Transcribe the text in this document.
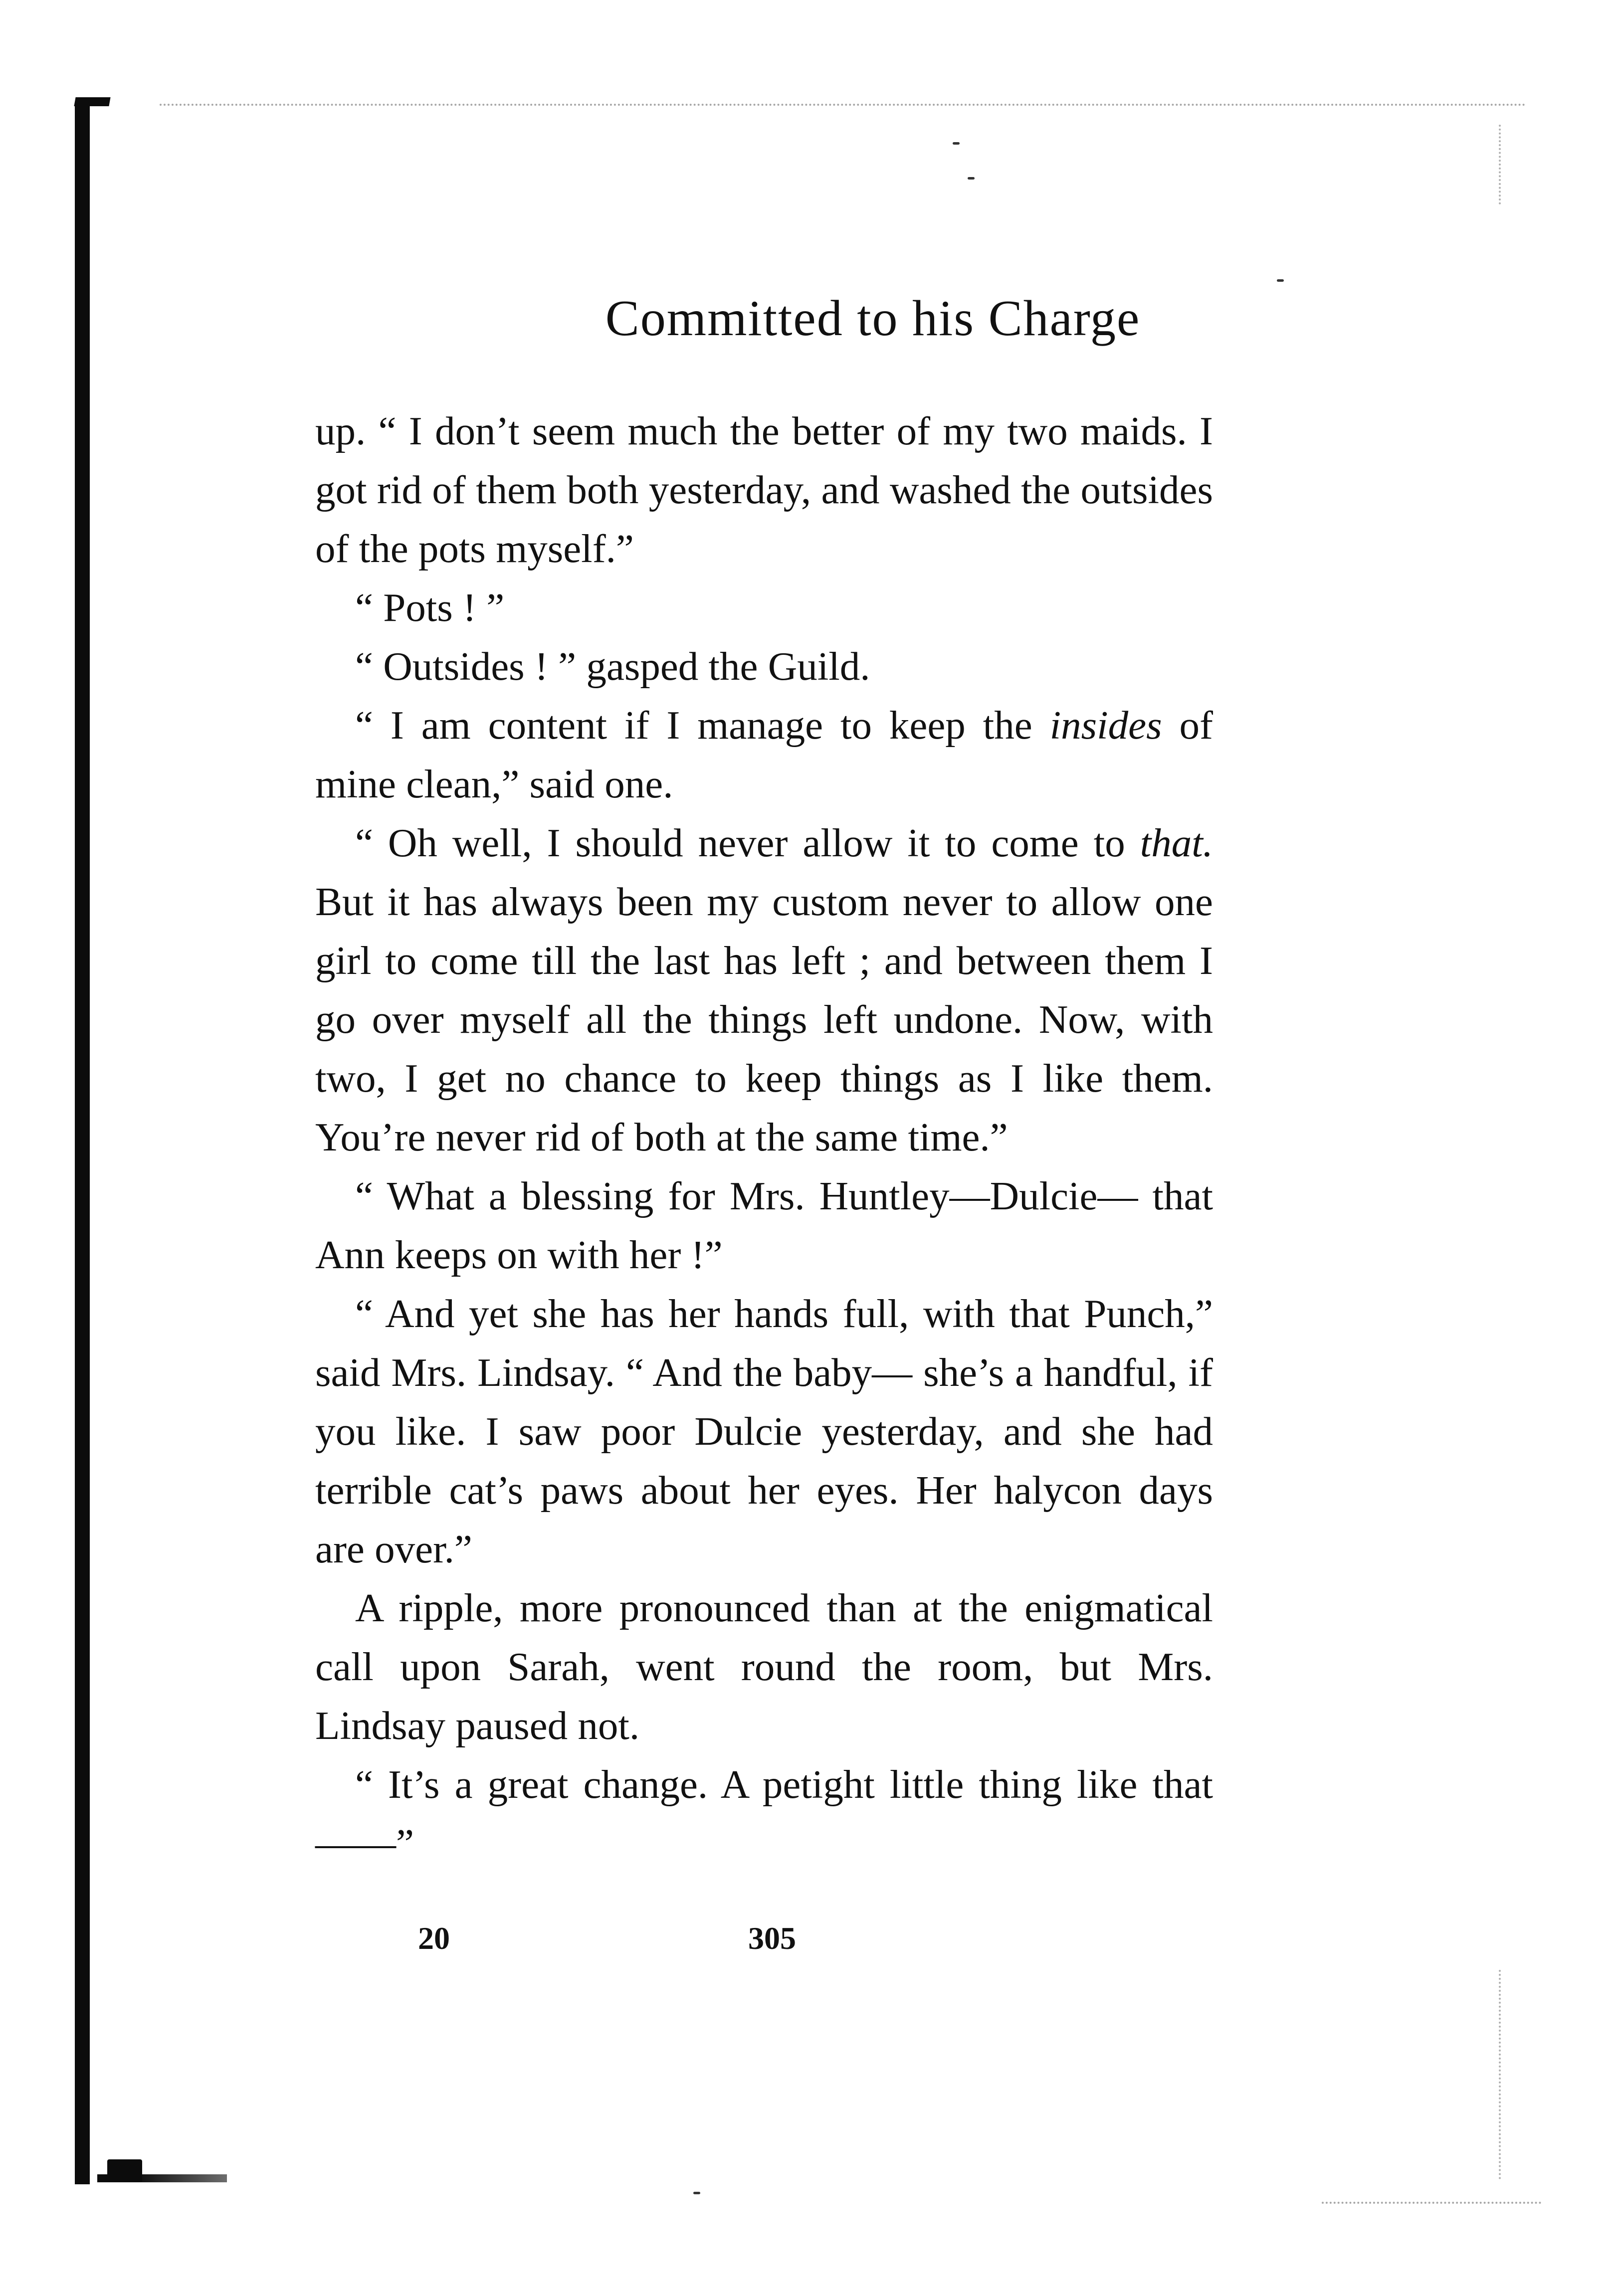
Committed to his Charge

up. “ I don’t seem much the better of my two maids. I got rid of them both yesterday, and washed the outsides of the pots myself.”

“ Pots ! ”

“ Outsides ! ” gasped the Guild.

“ I am content if I manage to keep the insides of mine clean,” said one.

“ Oh well, I should never allow it to come to that. But it has always been my custom never to allow one girl to come till the last has left ; and between them I go over myself all the things left undone. Now, with two, I get no chance to keep things as I like them. You’re never rid of both at the same time.”

“ What a blessing for Mrs. Huntley—Dulcie— that Ann keeps on with her !”

“ And yet she has her hands full, with that Punch,” said Mrs. Lindsay. “ And the baby— she’s a handful, if you like. I saw poor Dulcie yesterday, and she had terrible cat’s paws about her eyes. Her halycon days are over.”

A ripple, more pronounced than at the enigmatical call upon Sarah, went round the room, but Mrs. Lindsay paused not.

“ It’s a great change. A petight little thing like that——”

20	305
